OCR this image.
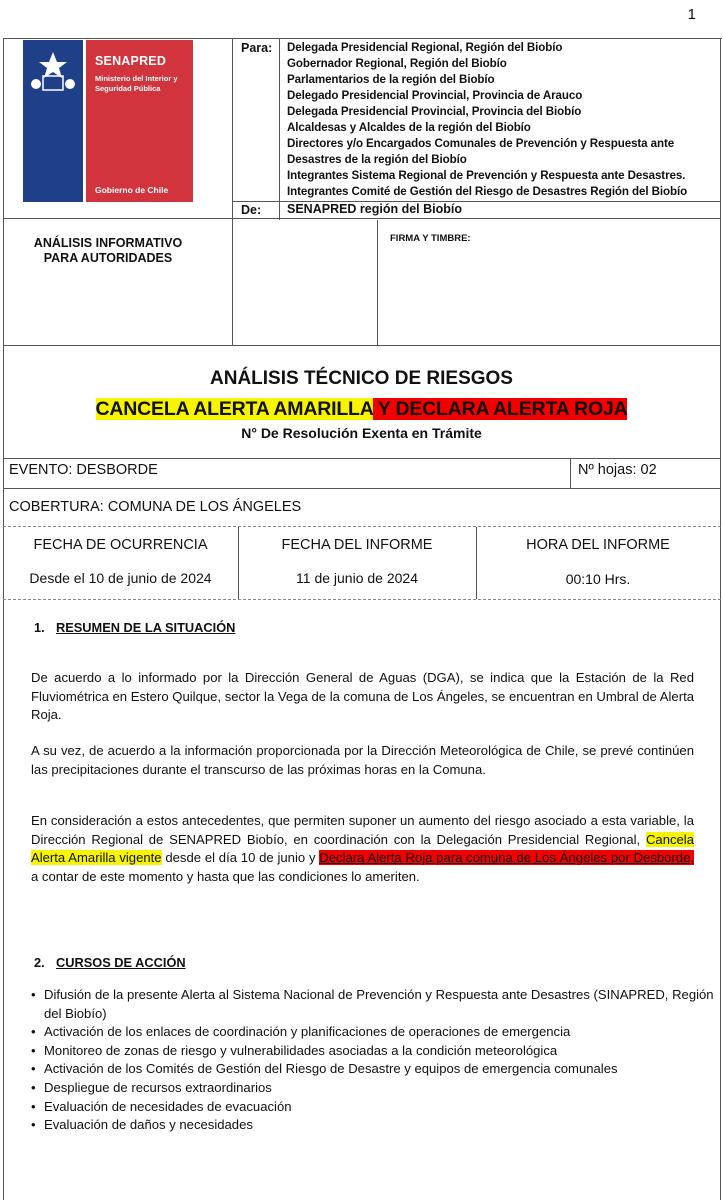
1
SENAPRED
Ministerio del Interior y Seguridad Pública
Gobierno de Chile
Para: Delegada Presidencial Regional, Región del Biobío
Gobernador Regional, Región del Biobío
Parlamentarios de la región del Biobío
Delegado Presidencial Provincial, Provincia de Arauco
Delegada Presidencial Provincial, Provincia del Biobío
Alcaldesas y Alcaldes de la región del Biobío
Directores y/o Encargados Comunales de Prevención y Respuesta ante
Desastres de la región del Biobío
Integrantes Sistema Regional de Prevención y Respuesta ante Desastres.
Integrantes Comité de Gestión del Riesgo de Desastres Región del Biobío
De: SENAPRED región del Biobío
ANÁLISIS INFORMATIVO
PARA AUTORIDADES
FIRMA Y TIMBRE:
ANÁLISIS TÉCNICO DE RIESGOS
CANCELA ALERTA AMARILLA Y DECLARA ALERTA ROJA
N° De Resolución Exenta en Trámite
EVENTO: DESBORDE	Nº hojas: 02
COBERTURA: COMUNA DE LOS ÁNGELES
FECHA DE OCURRENCIA
Desde el 10 de junio de 2024
FECHA DEL INFORME
11 de junio de 2024
HORA DEL INFORME
00:10 Hrs.
1. RESUMEN DE LA SITUACIÓN
De acuerdo a lo informado por la Dirección General de Aguas (DGA), se indica que la Estación de la Red Fluviométrica en Estero Quilque, sector la Vega de la comuna de Los Ángeles, se encuentran en Umbral de Alerta Roja.
A su vez, de acuerdo a la información proporcionada por la Dirección Meteorológica de Chile, se prevé continúen las precipitaciones durante el transcurso de las próximas horas en la Comuna.
En consideración a estos antecedentes, que permiten suponer un aumento del riesgo asociado a esta variable, la Dirección Regional de SENAPRED Biobío, en coordinación con la Delegación Presidencial Regional, Cancela Alerta Amarilla vigente desde el día 10 de junio y Declara Alerta Roja para comuna de Los Ángeles por Desborde, a contar de este momento y hasta que las condiciones lo ameriten.
2. CURSOS DE ACCIÓN
• Difusión de la presente Alerta al Sistema Nacional de Prevención y Respuesta ante Desastres (SINAPRED, Región del Biobío)
• Activación de los enlaces de coordinación y planificaciones de operaciones de emergencia
• Monitoreo de zonas de riesgo y vulnerabilidades asociadas a la condición meteorológica
• Activación de los Comités de Gestión del Riesgo de Desastre y equipos de emergencia comunales
• Despliegue de recursos extraordinarios
• Evaluación de necesidades de evacuación
• Evaluación de daños y necesidades
